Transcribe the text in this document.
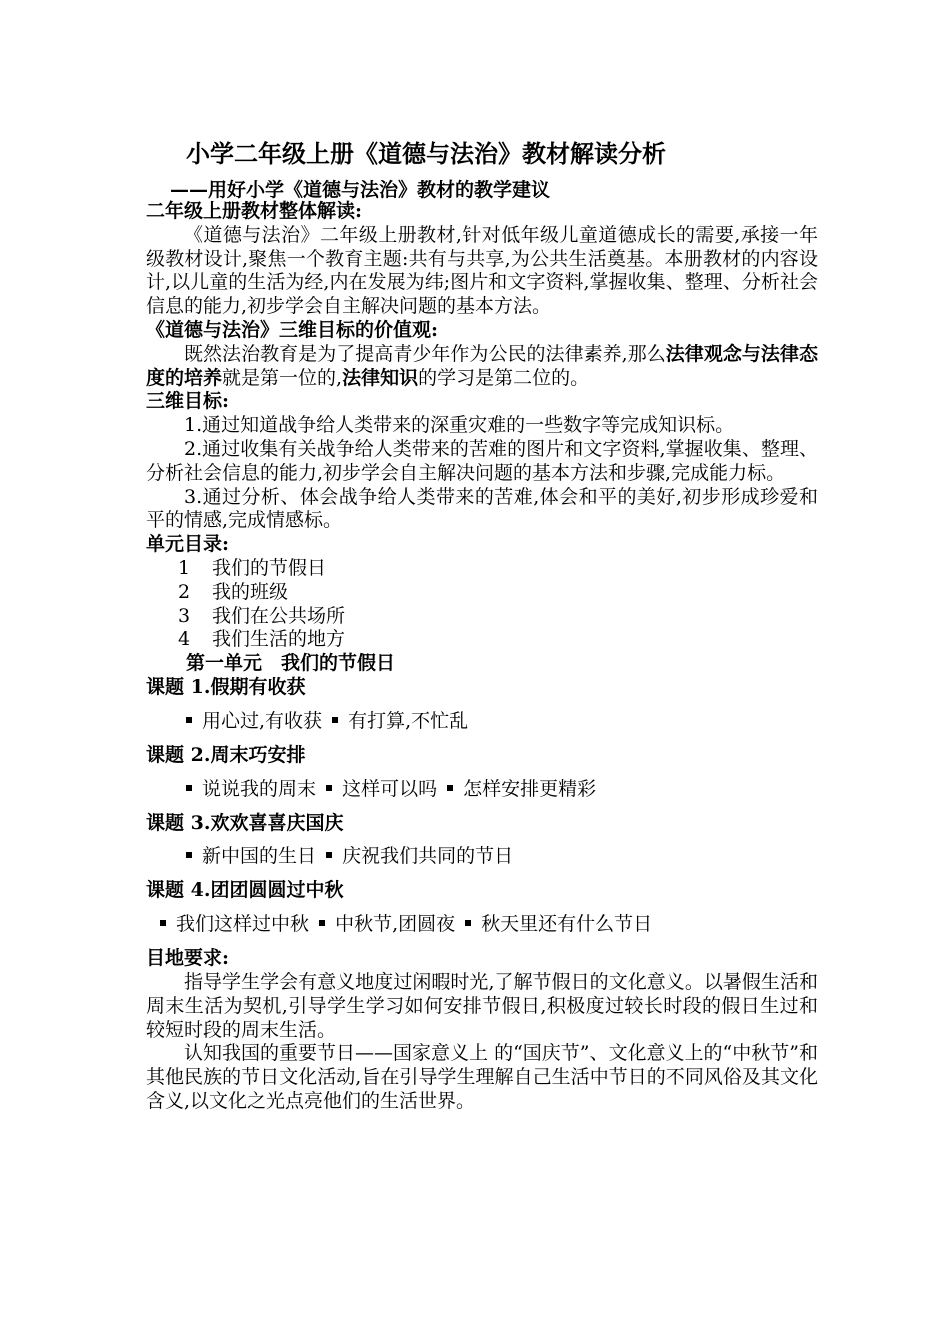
小学二年级上册《道德与法治》教材解读分析
——用好小学《道德与法治》教材的教学建议

二年级上册教材整体解读:

《道德与法治》二年级上册教材,针对低年级儿童道德成长的需要,承接一年级教材设计,聚焦一个教育主题:共有与共享,为公共生活奠基。本册教材的内容设计,以儿童的生活为经,内在发展为纬;图片和文字资料,掌握收集、整理、分析社会信息的能力,初步学会自主解决问题的基本方法。

《道德与法治》三维目标的价值观:

既然法治教育是为了提高青少年作为公民的法律素养,那么法律观念与法律态度的培养就是第一位的,法律知识的学习是第二位的。

三维目标:

1.通过知道战争给人类带来的深重灾难的一些数字等完成知识标。

2.通过收集有关战争给人类带来的苦难的图片和文字资料,掌握收集、整理、分析社会信息的能力,初步学会自主解决问题的基本方法和步骤,完成能力标。

3.通过分析、体会战争给人类带来的苦难,体会和平的美好,初步形成珍爱和平的情感,完成情感标。

单元目录:

1 我们的节假日

2 我的班级

3 我们在公共场所

4 我们生活的地方

第一单元　我们的节假日

课题 1.假期有收获

用心过,有收获 有打算,不忙乱

课题 2.周末巧安排

说说我的周末 这样可以吗 怎样安排更精彩

课题 3.欢欢喜喜庆国庆

新中国的生日 庆祝我们共同的节日

课题 4.团团圆圆过中秋

我们这样过中秋 中秋节,团圆夜 秋天里还有什么节日

目地要求:

指导学生学会有意义地度过闲暇时光,了解节假日的文化意义。以暑假生活和周末生活为契机,引导学生学习如何安排节假日,积极度过较长时段的假日生过和较短时段的周末生活。

认知我国的重要节日——国家意义上 的“国庆节”、文化意义上的“中秋节”和其他民族的节日文化活动,旨在引导学生理解自己生活中节日的不同风俗及其文化含义,以文化之光点亮他们的生活世界。
